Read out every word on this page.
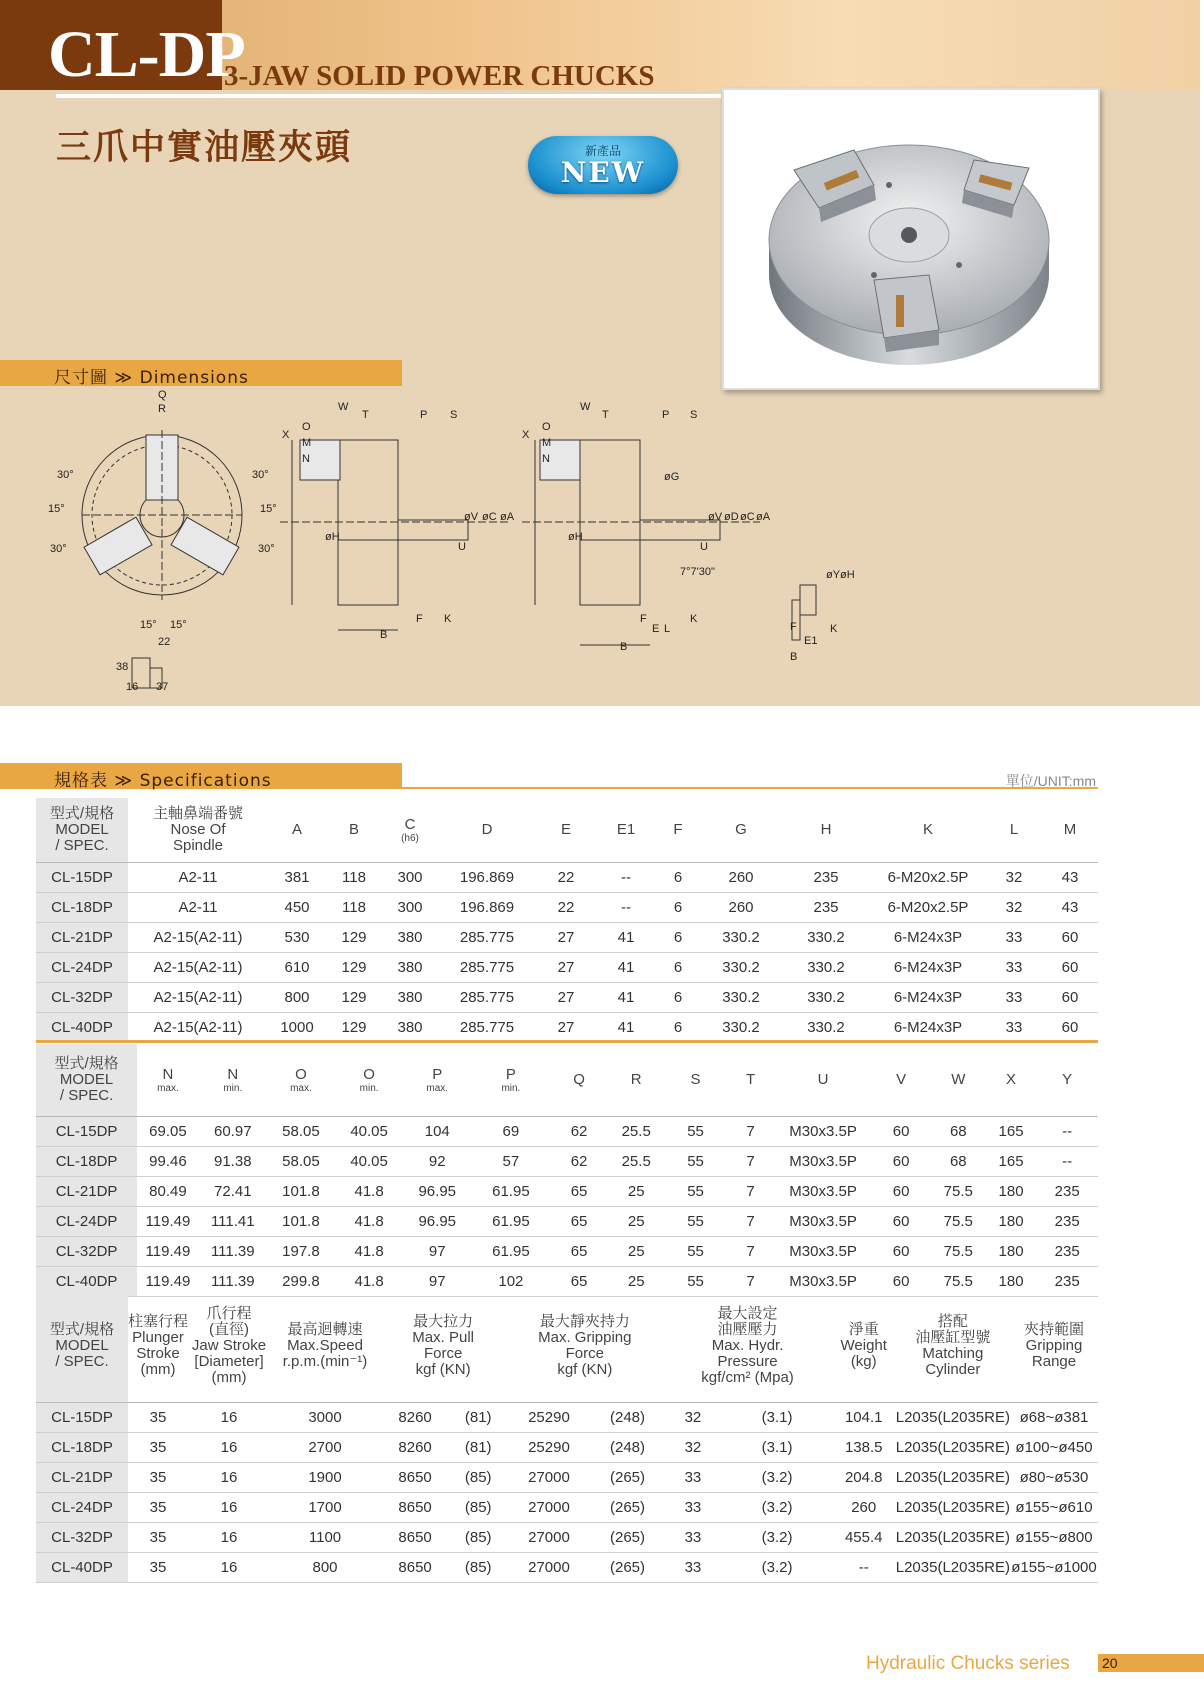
CL-DP
3-JAW SOLID POWER CHUCKS
三爪中實油壓夾頭	新產品
NEW
尺寸圖 ≫ Dimensions
Q
R
30°	30°
15°	15°
30°	30°
15° 15°
22
38
16 37
W
T	P S
X
O
M
N
øH
øV øC øA
U
B
F K
W
T	P S
X
O
M
N
øG
øH
øV øD øC øA
U
7°7'30"
B
F
E L
K
øY øH
F	K
E1
B
規格表 ≫ Specifications	單位/UNIT:mm
型式/規格
MODEL
/ SPEC.	主軸鼻端番號
Nose Of
Spindle	A	B	C
(h6)	D	E	E1	F	G	H	K	L	M
CL-15DP	A2-11	381	118	300	196.869	22	--	6	260	235	6-M20x2.5P	32	43
CL-18DP	A2-11	450	118	300	196.869	22	--	6	260	235	6-M20x2.5P	32	43
CL-21DP	A2-15(A2-11)	530	129	380	285.775	27	41	6	330.2	330.2	6-M24x3P	33	60
CL-24DP	A2-15(A2-11)	610	129	380	285.775	27	41	6	330.2	330.2	6-M24x3P	33	60
CL-32DP	A2-15(A2-11)	800	129	380	285.775	27	41	6	330.2	330.2	6-M24x3P	33	60
CL-40DP	A2-15(A2-11)	1000	129	380	285.775	27	41	6	330.2	330.2	6-M24x3P	33	60
型式/規格
MODEL
/ SPEC.	N
max.	N
min.	O
max.	O
min.	P
max.	P
min.	Q	R	S	T	U	V	W	X	Y
CL-15DP	69.05	60.97	58.05	40.05	104	69	62	25.5	55	7	M30x3.5P	60	68	165	--
CL-18DP	99.46	91.38	58.05	40.05	92	57	62	25.5	55	7	M30x3.5P	60	68	165	--
CL-21DP	80.49	72.41	101.8	41.8	96.95	61.95	65	25	55	7	M30x3.5P	60	75.5	180	235
CL-24DP	119.49	111.41	101.8	41.8	96.95	61.95	65	25	55	7	M30x3.5P	60	75.5	180	235
CL-32DP	119.49	111.39	197.8	41.8	97	61.95	65	25	55	7	M30x3.5P	60	75.5	180	235
CL-40DP	119.49	111.39	299.8	41.8	97	102	65	25	55	7	M30x3.5P	60	75.5	180	235
型式/規格
MODEL
/ SPEC.	柱塞行程
Plunger
Stroke
(mm)	爪行程
(直徑)
Jaw Stroke
[Diameter]
(mm)	最高迴轉速
Max.Speed
r.p.m.(min⁻¹)	最大拉力
Max. Pull
Force
kgf (KN)		最大靜夾持力
Max. Gripping
Force
kgf (KN)		最大設定
油壓壓力
Max. Hydr.
Pressure
kgf/cm² (Mpa)		淨重
Weight
(kg)	搭配
油壓缸型號
Matching
Cylinder	夾持範圍
Gripping
Range
CL-15DP	35	16	3000	8260	(81)	25290	(248)	32	(3.1)	104.1	L2035(L2035RE)	ø68~ø381
CL-18DP	35	16	2700	8260	(81)	25290	(248)	32	(3.1)	138.5	L2035(L2035RE)	ø100~ø450
CL-21DP	35	16	1900	8650	(85)	27000	(265)	33	(3.2)	204.8	L2035(L2035RE)	ø80~ø530
CL-24DP	35	16	1700	8650	(85)	27000	(265)	33	(3.2)	260	L2035(L2035RE)	ø155~ø610
CL-32DP	35	16	1100	8650	(85)	27000	(265)	33	(3.2)	455.4	L2035(L2035RE)	ø155~ø800
CL-40DP	35	16	800	8650	(85)	27000	(265)	33	(3.2)	--	L2035(L2035RE)	ø155~ø1000
Hydraulic Chucks series 20
